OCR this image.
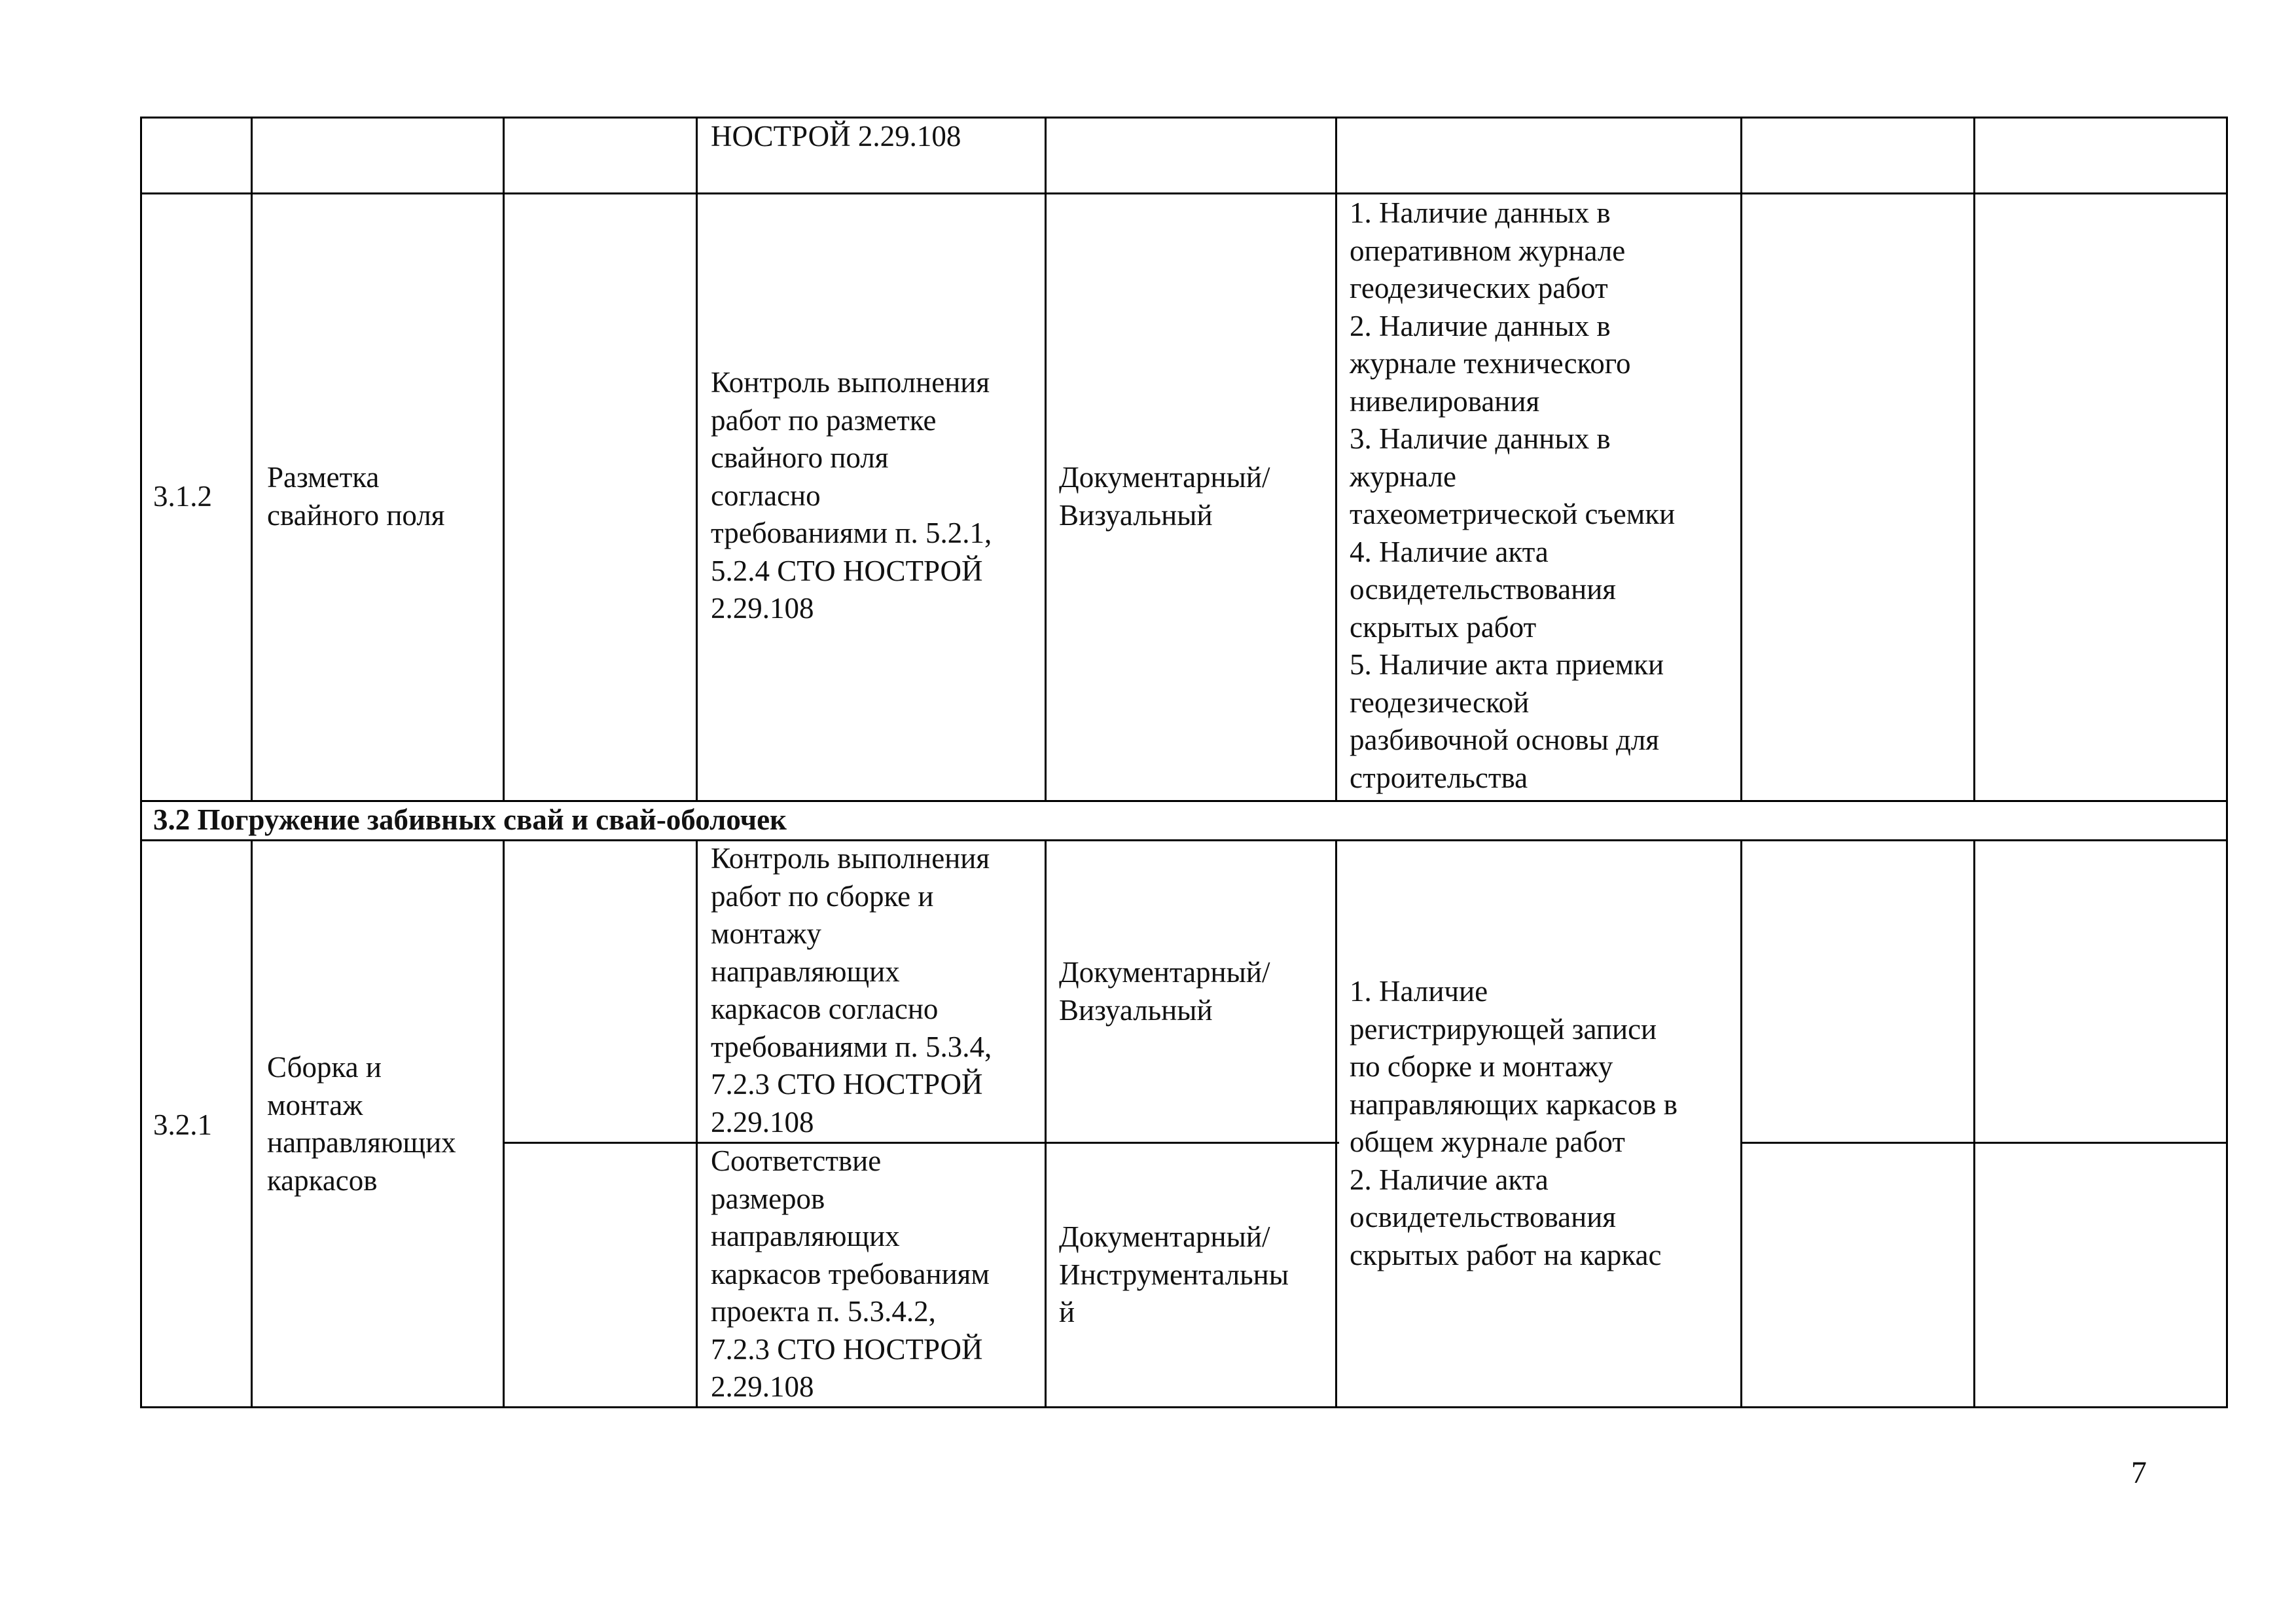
НОСТРОЙ 2.29.108
3.1.2
Разметка
свайного поля
Контроль выполнения
работ по разметке
свайного поля
согласно
требованиями п. 5.2.1,
5.2.4 СТО НОСТРОЙ
2.29.108
Документарный/
Визуальный
1. Наличие данных в
оперативном журнале
геодезических работ
2. Наличие данных в
журнале технического
нивелирования
3. Наличие данных в
журнале
тахеометрической съемки
4. Наличие акта
освидетельствования
скрытых работ
5. Наличие акта приемки
геодезической
разбивочной основы для
строительства
3.2 Погружение забивных свай и свай-оболочек
3.2.1
Сборка и
монтаж
направляющих
каркасов
Контроль выполнения
работ по сборке и
монтажу
направляющих
каркасов согласно
требованиями п. 5.3.4,
7.2.3 СТО НОСТРОЙ
2.29.108
Документарный/
Визуальный
Соответствие
размеров
направляющих
каркасов требованиям
проекта п. 5.3.4.2,
7.2.3 СТО НОСТРОЙ
2.29.108
Документарный/
Инструментальны
й
1. Наличие
регистрирующей записи
по сборке и монтажу
направляющих каркасов в
общем журнале работ
2. Наличие акта
освидетельствования
скрытых работ на каркас
7
